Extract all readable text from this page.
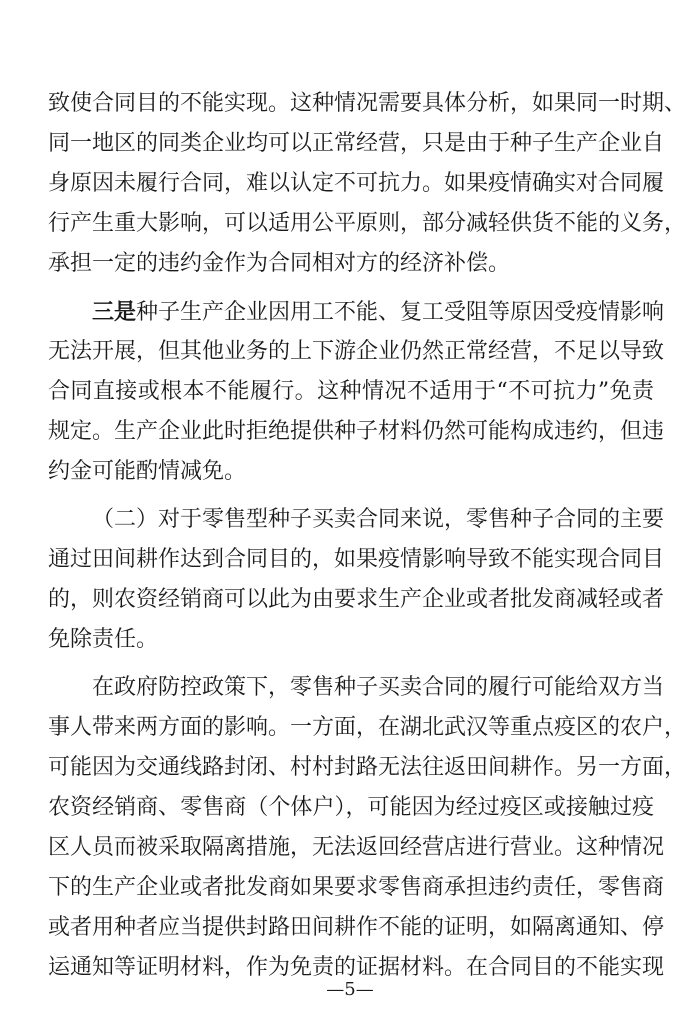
致使合同目的不能实现。这种情况需要具体分析，如果同一时期、
同一地区的同类企业均可以正常经营，只是由于种子生产企业自
身原因未履行合同，难以认定不可抗力。如果疫情确实对合同履
行产生重大影响，可以适用公平原则，部分减轻供货不能的义务，
承担一定的违约金作为合同相对方的经济补偿。
三是种子生产企业因用工不能、复工受阻等原因受疫情影响
无法开展，但其他业务的上下游企业仍然正常经营，不足以导致
合同直接或根本不能履行。这种情况不适用于“不可抗力”免责
规定。生产企业此时拒绝提供种子材料仍然可能构成违约，但违
约金可能酌情减免。
（二）对于零售型种子买卖合同来说，零售种子合同的主要
通过田间耕作达到合同目的，如果疫情影响导致不能实现合同目
的，则农资经销商可以此为由要求生产企业或者批发商减轻或者
免除责任。
在政府防控政策下，零售种子买卖合同的履行可能给双方当
事人带来两方面的影响。一方面，在湖北武汉等重点疫区的农户，
可能因为交通线路封闭、村村封路无法往返田间耕作。另一方面，
农资经销商、零售商（个体户），可能因为经过疫区或接触过疫
区人员而被采取隔离措施，无法返回经营店进行营业。这种情况
下的生产企业或者批发商如果要求零售商承担违约责任，零售商
或者用种者应当提供封路田间耕作不能的证明，如隔离通知、停
运通知等证明材料，作为免责的证据材料。在合同目的不能实现
—5—
